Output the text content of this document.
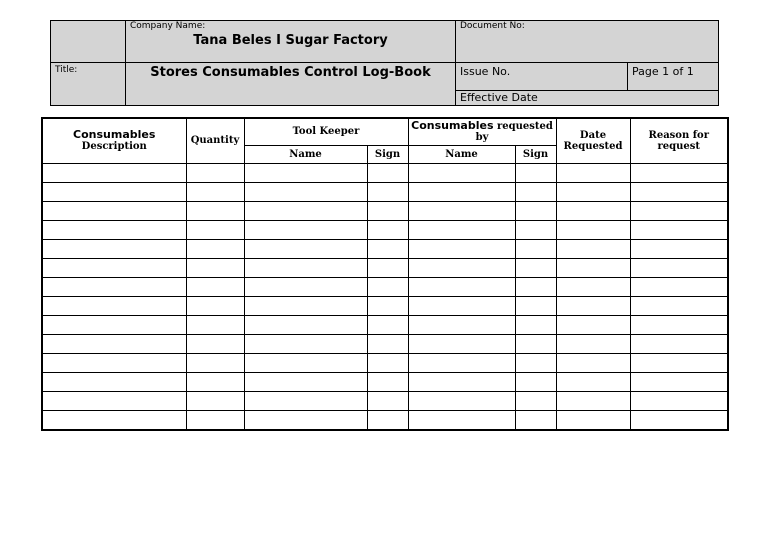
	Company Name:
Tana Beles I Sugar Factory	Document No:	

Title:	Stores Consumables Control Log-Book	Issue No.	Page 1 of 1

		Effective Date	
Consumables
Description	Quantity	Tool Keeper		Consumables requested by		Date Requested	Reason for request
		Name	Sign	Name	Sign		
